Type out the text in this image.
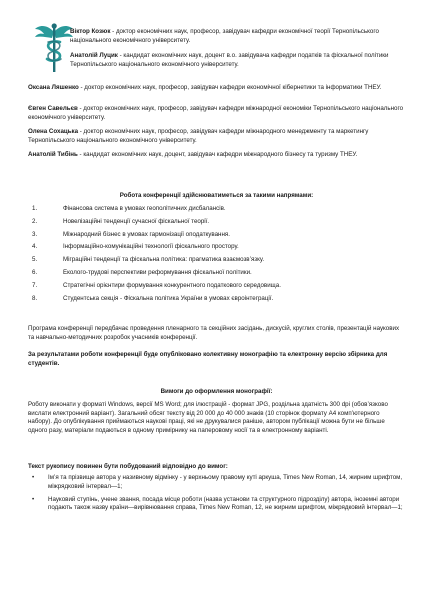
Віктор Козюк - доктор економічних наук, професор, завідувач кафедри економічної теорії Тернопільського національного економічного університету.

Анатолій Луцик - кандидат економічних наук, доцент в.о. завідувача кафедри податків та фіскальної політики Тернопільського національного економічного університету.

Оксана Ляшенко - доктор економічних наук, професор, завідувач кафедри економічної кібернетики та інформатики ТНЕУ.

Євген Савельєв - доктор економічних наук, професор, завідувач кафедри міжнародної економіки Тернопільського національного економічного університету.

Олена Сохацька - доктор економічних наук, професор, завідувач кафедри міжнародного менеджменту та маркетингу Тернопільського національного економічного університету.

Анатолій Тибінь - кандидат економічних наук, доцент, завідувач кафедри міжнародного бізнесу та туризму ТНЕУ.

Робота конференції здійснюватиметься за такими напрямами:

1.	Фінансова система в умовах геополітичних дисбалансів.
2.	Новелізаційні тенденції сучасної фіскальної теорії.
3.	Міжнародний бізнес в умовах гармонізації оподаткування.
4.	Інформаційно-комунікаційні технології фіскального простору.
5.	Міграційні тенденції та фіскальна політика: прагматика взаємозв’язку.
6.	Еколого-трудові перспективи реформування фіскальної політики.
7.	Стратегічні орієнтири формування конкурентного податкового середовища.
8.	Студентська секція - Фіскальна політика України в умовах євроінтеграції.

Програма конференції передбачає проведення пленарного та секційних засідань, дискусій, круглих столів, презентацій наукових та навчально-методичних розробок учасників конференції.

За результатами роботи конференції буде опубліковано колективну монографію та електронну версію збірника для студентів.

Вимоги до оформлення монографії:

Роботу виконати у форматі Windows, версії MS Word; для ілюстрацій - формат JPG, роздільна здатність 300 dpi (обов’язково вислати електронний варіант). Загальний обсяг тексту від 20 000 до 40 000 знаків (10 сторінок формату А4 комп’ютерного набору). До опублікування приймаються наукові праці, які не друкувалися раніше, автором публікації можна бути не більше одного разу, матеріали подаються в одному примірнику на паперовому носії та в електронному варіанті.

Текст рукопису повинен бути побудований відповідно до вимог:

• Ім’я та прізвище автора у називному відмінку - у верхньому правому куті аркуша, Times New Roman, 14, жирним шрифтом, міжрядковий інтервал—1;
• Науковий ступінь, учене звання, посада місце роботи (назва установи та структурного підрозділу) автора, іноземні автори подають також назву країни—вирівнювання справа, Times New Roman, 12, не жирним шрифтом, міжрядковий інтервал—1;
